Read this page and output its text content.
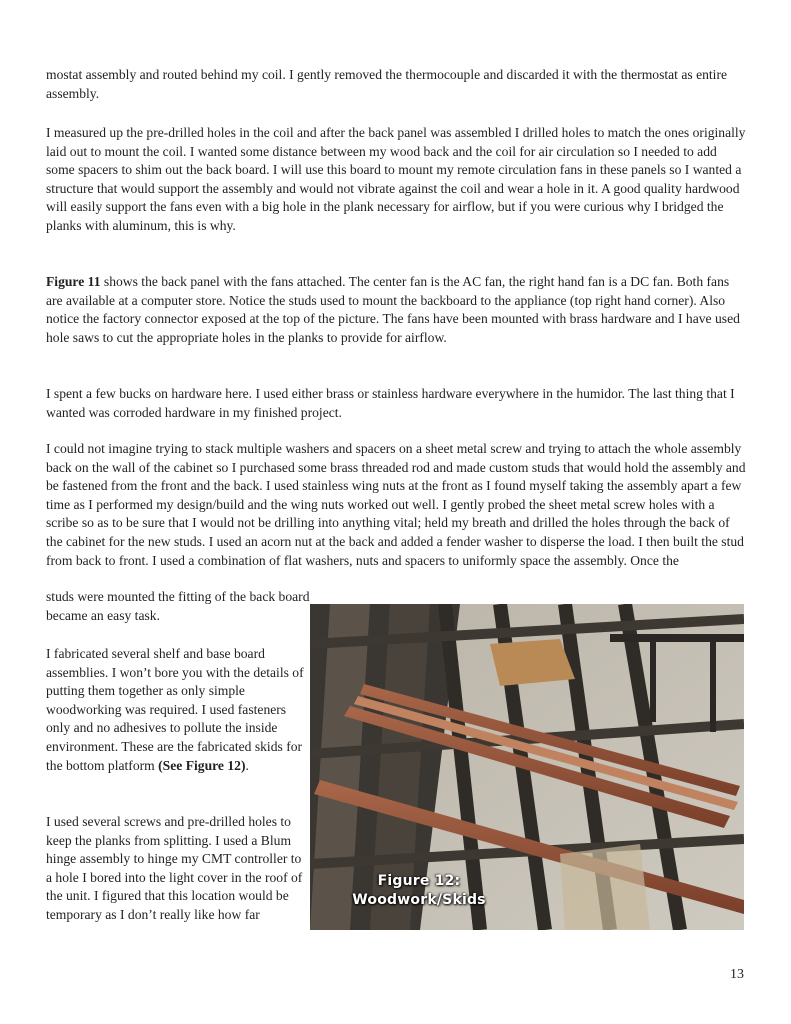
mostat assembly and routed behind my coil. I gently removed the thermocouple and discarded it with the thermostat as entire assembly.

I measured up the pre-drilled holes in the coil and after the back panel was assembled I drilled holes to match the ones originally laid out to mount the coil. I wanted some distance between my wood back and the coil for air circulation so I needed to add some spacers to shim out the back board. I will use this board to mount my remote circulation fans in these panels so I wanted a structure that would support the assembly and would not vibrate against the coil and wear a hole in it. A good quality hardwood will easily support the fans even with a big hole in the plank necessary for airflow, but if you were curious why I bridged the planks with aluminum, this is why.

Figure 11 shows the back panel with the fans attached. The center fan is the AC fan, the right hand fan is a DC fan. Both fans are available at a computer store. Notice the studs used to mount the backboard to the appliance (top right hand corner). Also notice the factory connector exposed at the top of the picture. The fans have been mounted with brass hardware and I have used hole saws to cut the appropriate holes in the planks to provide for airflow.

I spent a few bucks on hardware here. I used either brass or stainless hardware everywhere in the humidor. The last thing that I wanted was corroded hardware in my finished project.

I could not imagine trying to stack multiple washers and spacers on a sheet metal screw and trying to attach the whole assembly back on the wall of the cabinet so I purchased some brass threaded rod and made custom studs that would hold the assembly and be fastened from the front and the back. I used stainless wing nuts at the front as I found myself taking the assembly apart a few time as I performed my design/build and the wing nuts worked out well. I gently probed the sheet metal screw holes with a scribe so as to be sure that I would not be drilling into anything vital; held my breath and drilled the holes through the back of the cabinet for the new studs. I used an acorn nut at the back and added a fender washer to disperse the load. I then built the stud from back to front. I used a combination of flat washers, nuts and spacers to uniformly space the assembly. Once the

studs were mounted the fitting of the back board became an easy task.

I fabricated several shelf and base board assemblies. I won’t bore you with the details of putting them together as only simple woodworking was required. I used fasteners only and no adhesives to pollute the inside environment. These are the fabricated skids for the bottom platform (See Figure 12).

I used several screws and pre-drilled holes to keep the planks from splitting. I used a Blum hinge assembly to hinge my CMT controller to a hole I bored into the light cover in the roof of the unit. I figured that this location would be temporary as I don’t really like how far

Figure 12:
Woodwork/Skids
13
